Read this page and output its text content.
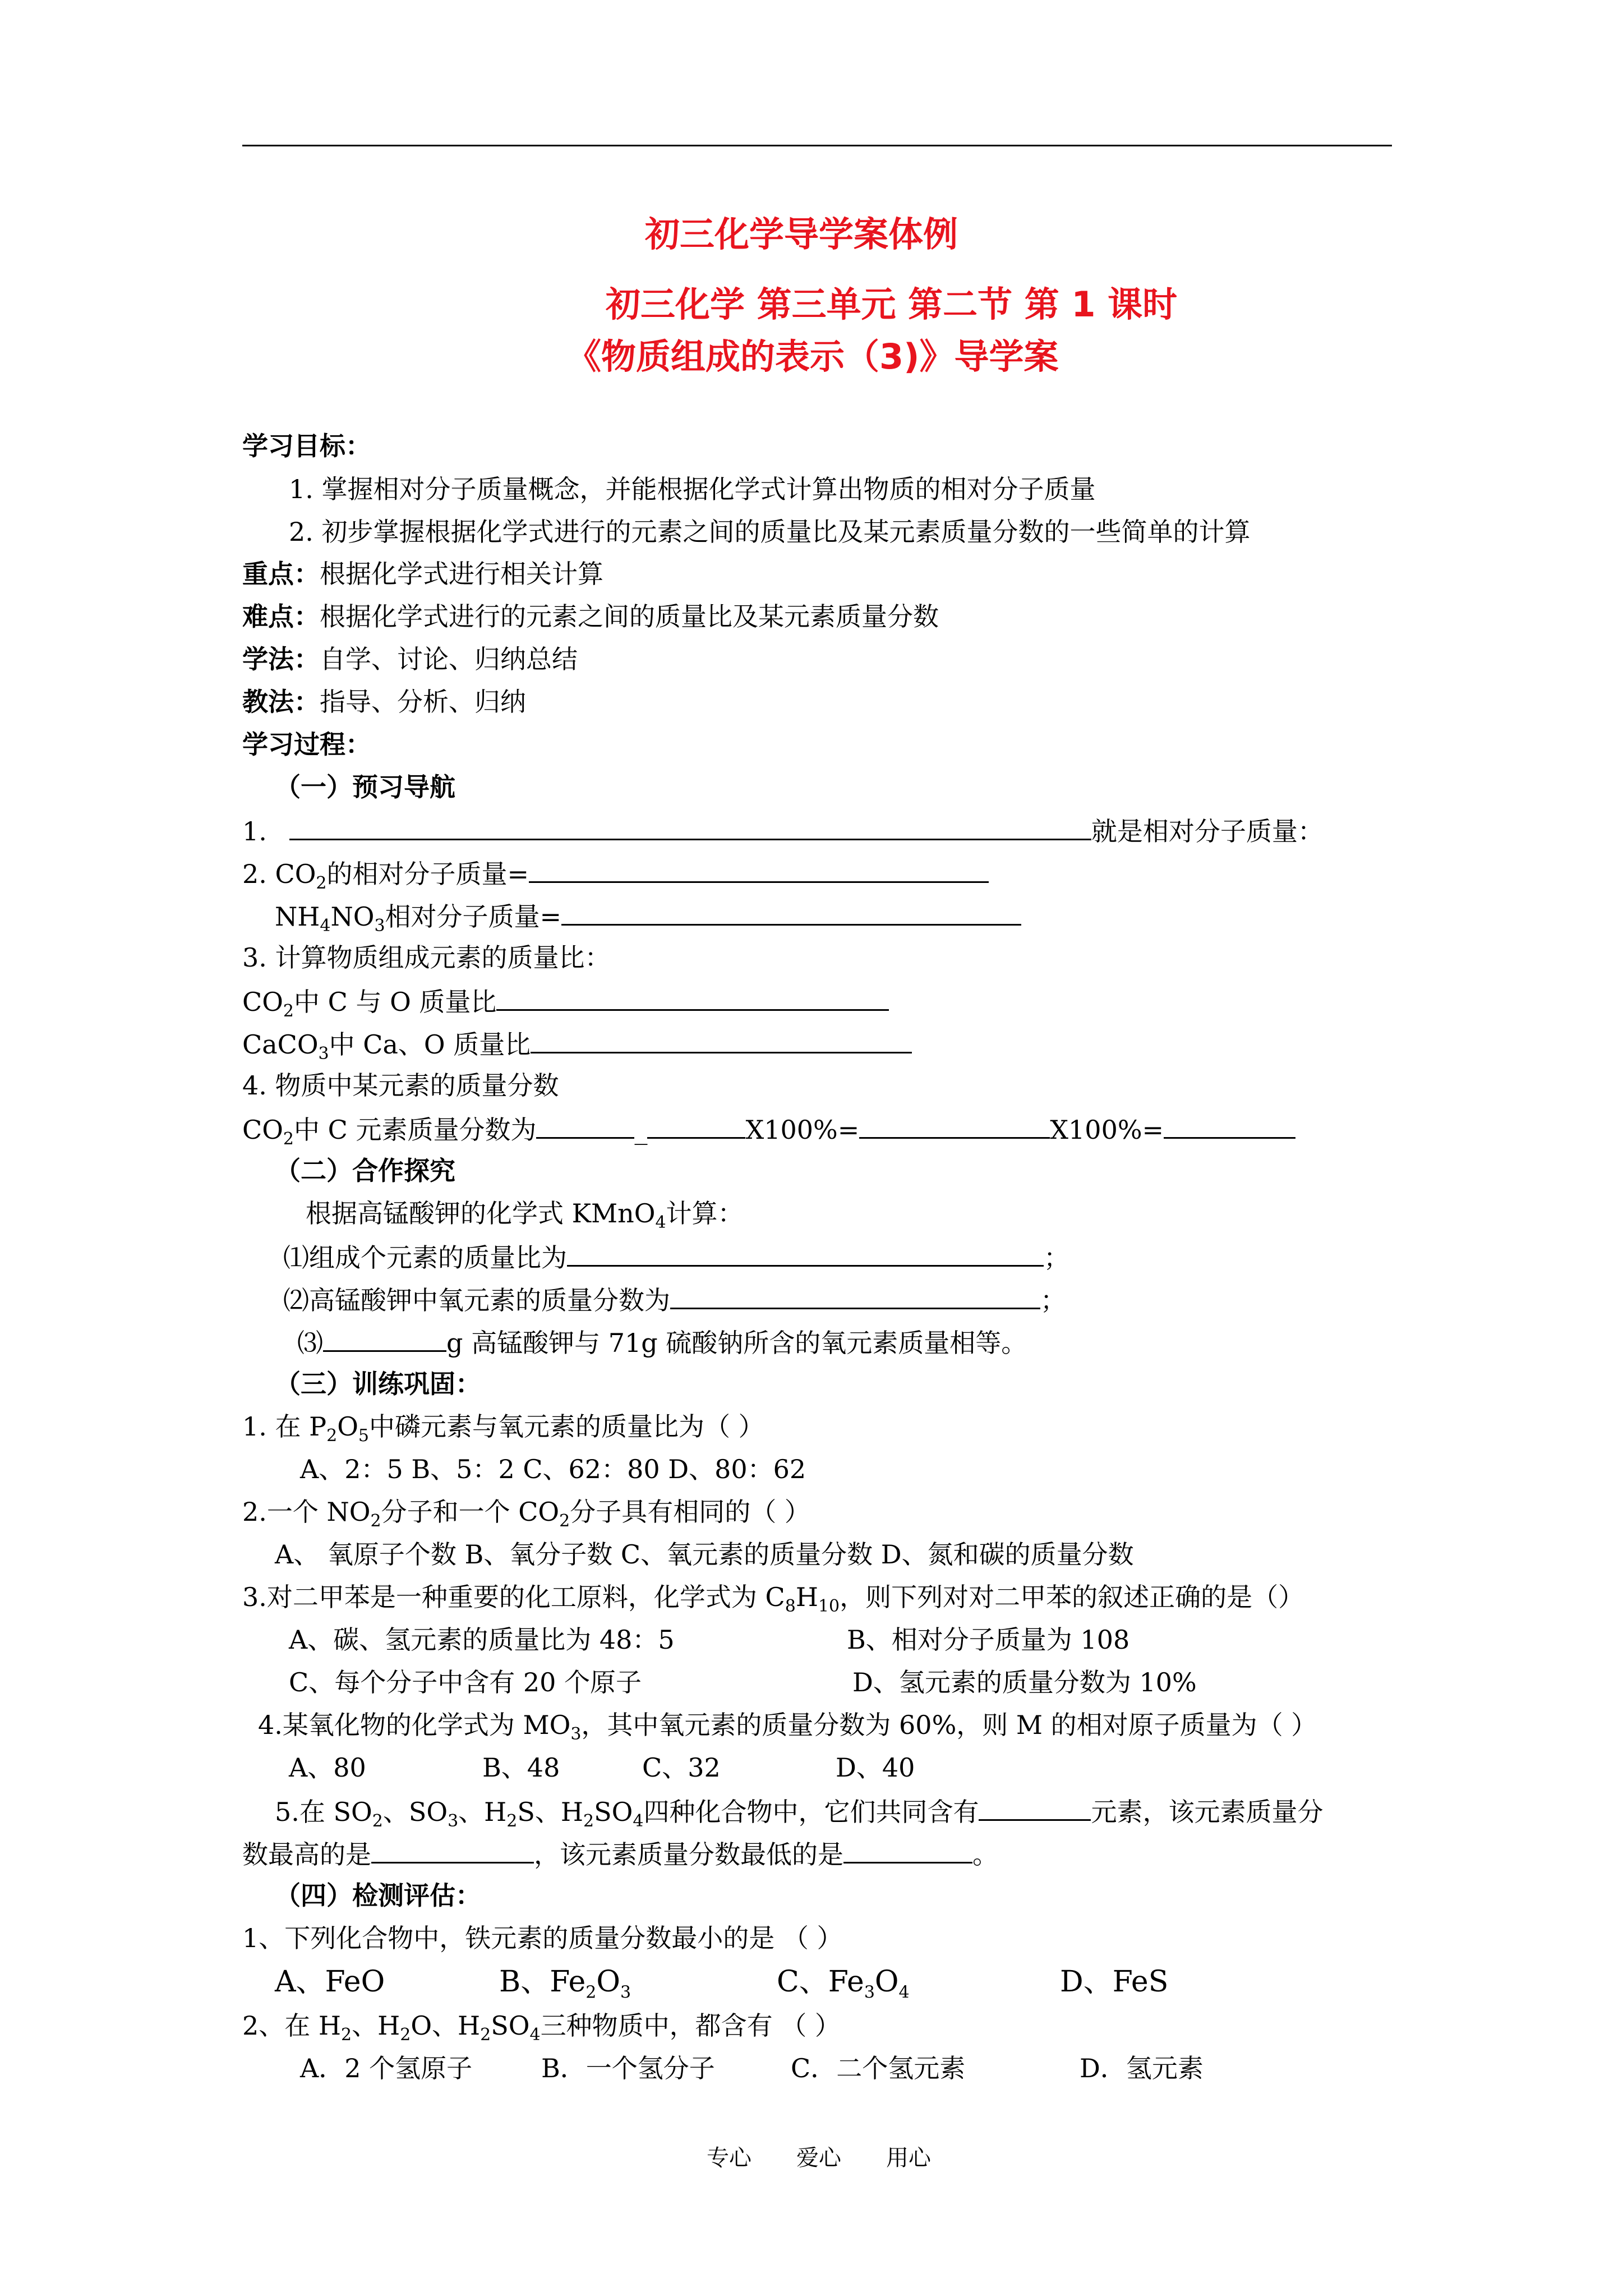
初三化学导学案体例
初三化学 第三单元 第二节 第 1 课时
《物质组成的表示（3)》导学案
学习目标：
1. 掌握相对分子质量概念，并能根据化学式计算出物质的相对分子质量
2. 初步掌握根据化学式进行的元素之间的质量比及某元素质量分数的一些简单的计算
重点：根据化学式进行相关计算
难点：根据化学式进行的元素之间的质量比及某元素质量分数
学法：自学、讨论、归纳总结
教法：指导、分析、归纳
学习过程：
（一）预习导航
1.	就是相对分子质量：
2. $CO_2$的相对分子质量=
$NH_4NO_3$相对分子质量=
3. 计算物质组成元素的质量比：
$CO_2$中 C 与 O 质量比
CaCO$_3$中 Ca、O 质量比
4. 物质中某元素的质量分数
$CO_2$中 C 元素质量分数为	_	X100%=	X100%=
（二）合作探究
根据高锰酸钾的化学式 KMnO$_4$计算：
⑴组成个元素的质量比为	；
⑵高锰酸钾中氧元素的质量分数为	；
⑶	g 高锰酸钾与 71g 硫酸钠所含的氧元素质量相等。
（三）训练巩固：
1. 在 $P_2O_5$中磷元素与氧元素的质量比为（ ）
A、2：5 B、5：2 C、62：80 D、80：62
2.一个 $NO_2$分子和一个 $CO_2$分子具有相同的（ ）
A、 氧原子个数 B、氧分子数 C、氧元素的质量分数 D、氮和碳的质量分数
3.对二甲苯是一种重要的化工原料，化学式为 $C_8H_{10}$，则下列对对二甲苯的叙述正确的是（）
A、碳、氢元素的质量比为 48：5	B、相对分子质量为 108
C、每个分子中含有 20 个原子	D、氢元素的质量分数为 10%
4.某氧化物的化学式为 $MO_3$，其中氧元素的质量分数为 60%，则 M 的相对原子质量为（ ）
A、80	B、48	C、32	D、40
5.在 $SO_2$、$SO_3$、$H_2S$、$H_2SO_4$四种化合物中，它们共同含有	元素，该元素质量分
数最高的是	，该元素质量分数最低的是	。
（四）检测评估：
1、下列化合物中，铁元素的质量分数最小的是 （ ）
A、FeO	B、$Fe_2O_3$	C、$Fe_3O_4$	D、FeS
2、在 $H_2$、$H_2O$、$H_2SO_4$三种物质中，都含有 （ ）
A．2 个氢原子	B．一个氢分子	C．二个氢元素	D．氢元素
专心 爱心 用心
